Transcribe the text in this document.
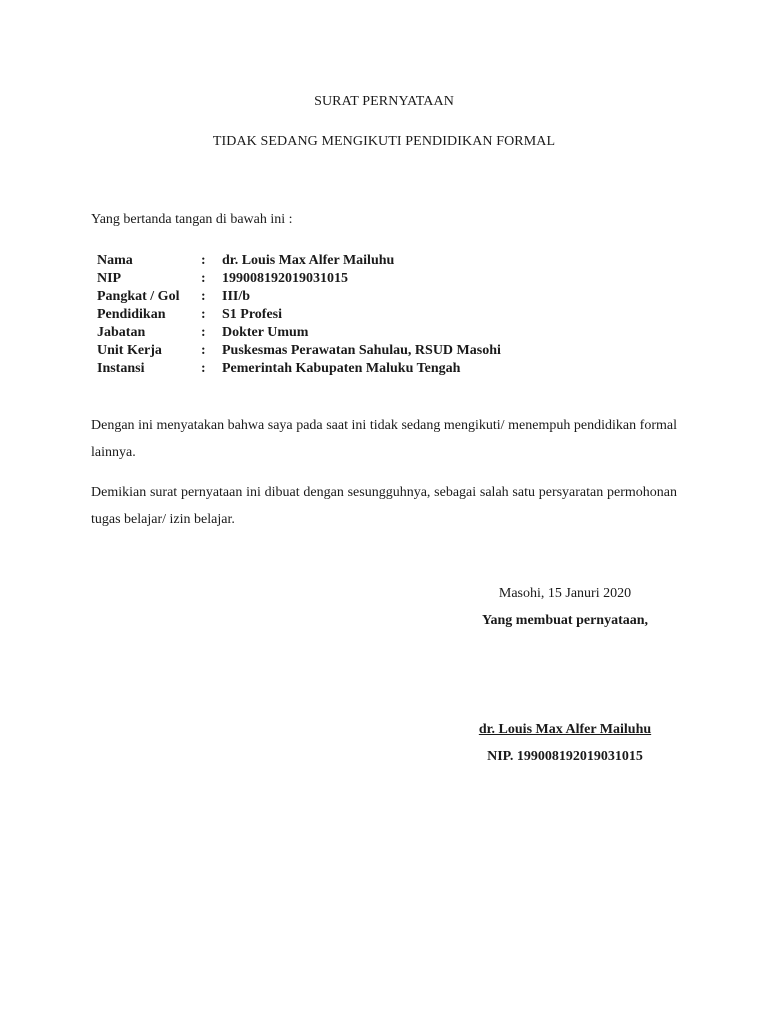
SURAT PERNYATAAN
TIDAK SEDANG MENGIKUTI PENDIDIKAN FORMAL
Yang bertanda tangan di bawah ini :
Nama	: dr. Louis Max Alfer Mailuhu
NIP	: 199008192019031015
Pangkat / Gol	: III/b
Pendidikan	: S1 Profesi
Jabatan	: Dokter Umum
Unit Kerja	: Puskesmas Perawatan Sahulau, RSUD Masohi
Instansi	: Pemerintah Kabupaten Maluku Tengah
Dengan ini menyatakan bahwa saya pada saat ini tidak sedang mengikuti/ menempuh pendidikan formal lainnya.
Demikian surat pernyataan ini dibuat dengan sesungguhnya, sebagai salah satu persyaratan permohonan tugas belajar/ izin belajar.
Masohi, 15 Januri 2020
Yang membuat pernyataan,
dr. Louis Max Alfer Mailuhu
NIP. 199008192019031015
